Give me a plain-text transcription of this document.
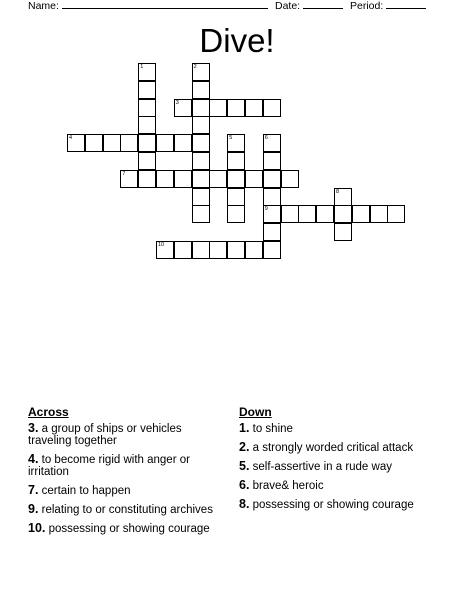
Name:	Date:	Period:
Dive!
1	2
3
4	5	6
7
8
9
10
Across
3. a group of ships or vehicles traveling together
4. to become rigid with anger or irritation
7. certain to happen
9. relating to or constituting archives
10. possessing or showing courage
Down
1. to shine
2. a strongly worded critical attack
5. self-assertive in a rude way
6. brave& heroic
8. possessing or showing courage
